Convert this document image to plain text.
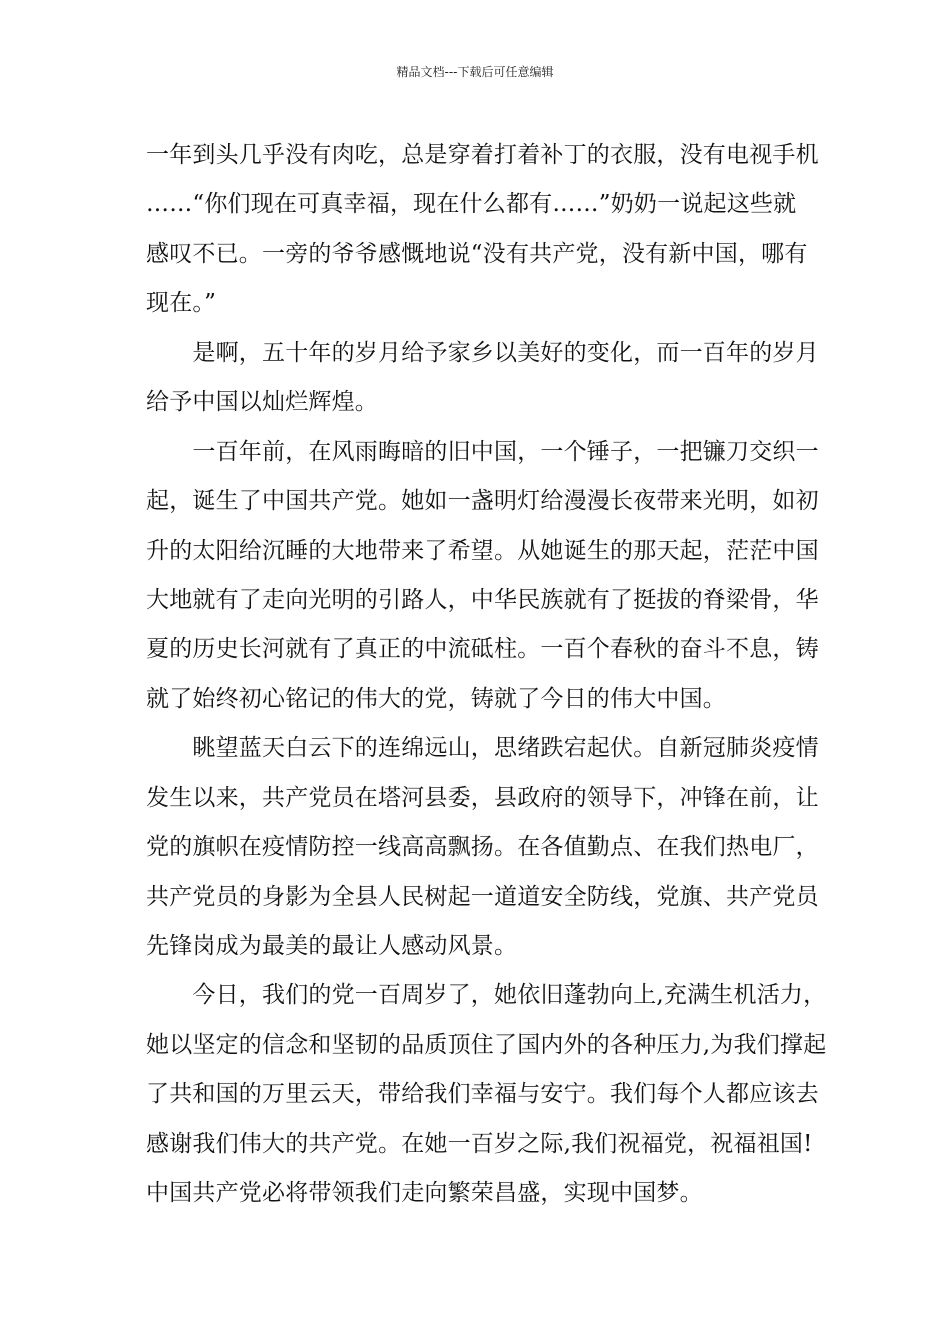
精品文档---下载后可任意编辑
一年到头几乎没有肉吃，总是穿着打着补丁的衣服，没有电视手机
……“你们现在可真幸福，现在什么都有……”奶奶一说起这些就
感叹不已。一旁的爷爷感慨地说“没有共产党，没有新中国，哪有
现在。”
　　是啊，五十年的岁月给予家乡以美好的变化，而一百年的岁月
给予中国以灿烂辉煌。
　　一百年前，在风雨晦暗的旧中国，一个锤子，一把镰刀交织一
起，诞生了中国共产党。她如一盏明灯给漫漫长夜带来光明，如初
升的太阳给沉睡的大地带来了希望。从她诞生的那天起，茫茫中国
大地就有了走向光明的引路人，中华民族就有了挺拔的脊梁骨，华
夏的历史长河就有了真正的中流砥柱。一百个春秋的奋斗不息，铸
就了始终初心铭记的伟大的党，铸就了今日的伟大中国。
　　眺望蓝天白云下的连绵远山，思绪跌宕起伏。自新冠肺炎疫情
发生以来，共产党员在塔河县委，县政府的领导下，冲锋在前，让
党的旗帜在疫情防控一线高高飘扬。在各值勤点、在我们热电厂，
共产党员的身影为全县人民树起一道道安全防线，党旗、共产党员
先锋岗成为最美的最让人感动风景。
　　今日，我们的党一百周岁了，她依旧蓬勃向上,充满生机活力，
她以坚定的信念和坚韧的品质顶住了国内外的各种压力,为我们撑起
了共和国的万里云天，带给我们幸福与安宁。我们每个人都应该去
感谢我们伟大的共产党。在她一百岁之际,我们祝福党，祝福祖国!
中国共产党必将带领我们走向繁荣昌盛，实现中国梦。
